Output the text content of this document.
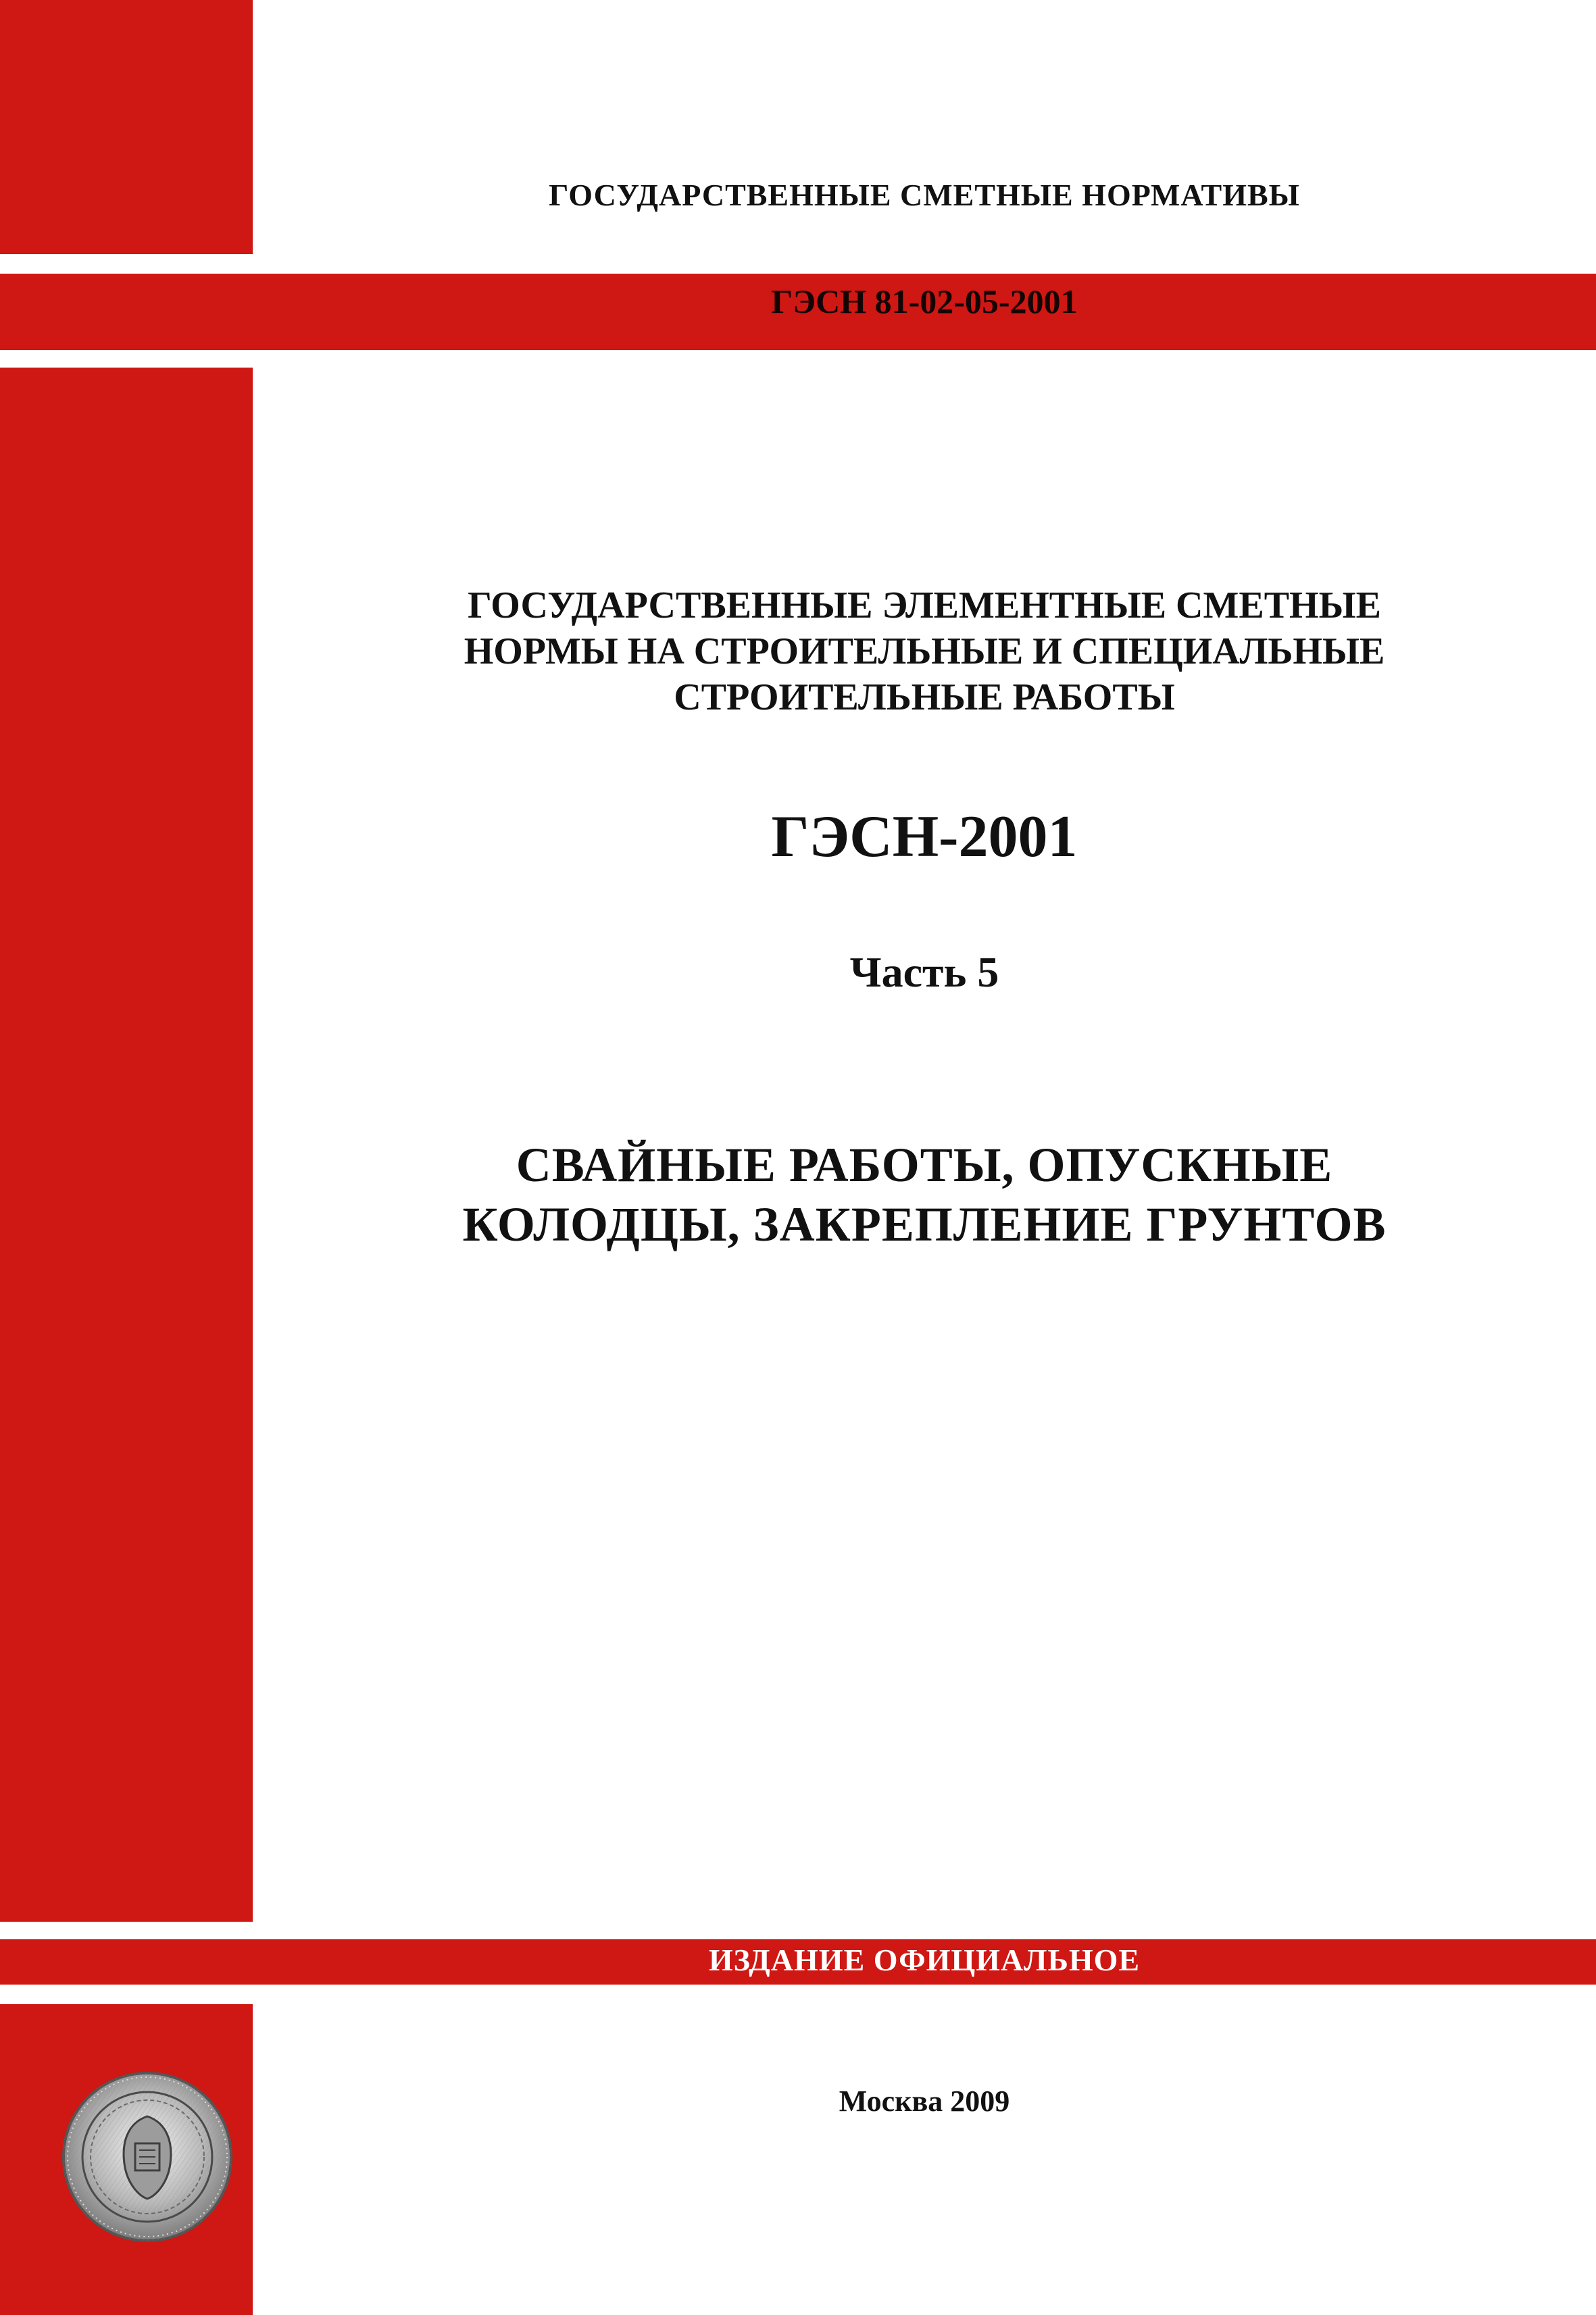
ГОСУДАРСТВЕННЫЕ СМЕТНЫЕ НОРМАТИВЫ

ГЭСН 81-02-05-2001

ГОСУДАРСТВЕННЫЕ ЭЛЕМЕНТНЫЕ СМЕТНЫЕ
НОРМЫ НА СТРОИТЕЛЬНЫЕ И СПЕЦИАЛЬНЫЕ
СТРОИТЕЛЬНЫЕ РАБОТЫ

ГЭСН-2001

Часть 5

СВАЙНЫЕ РАБОТЫ, ОПУСКНЫЕ
КОЛОДЦЫ, ЗАКРЕПЛЕНИЕ ГРУНТОВ

ИЗДАНИЕ ОФИЦИАЛЬНОЕ

Москва 2009
